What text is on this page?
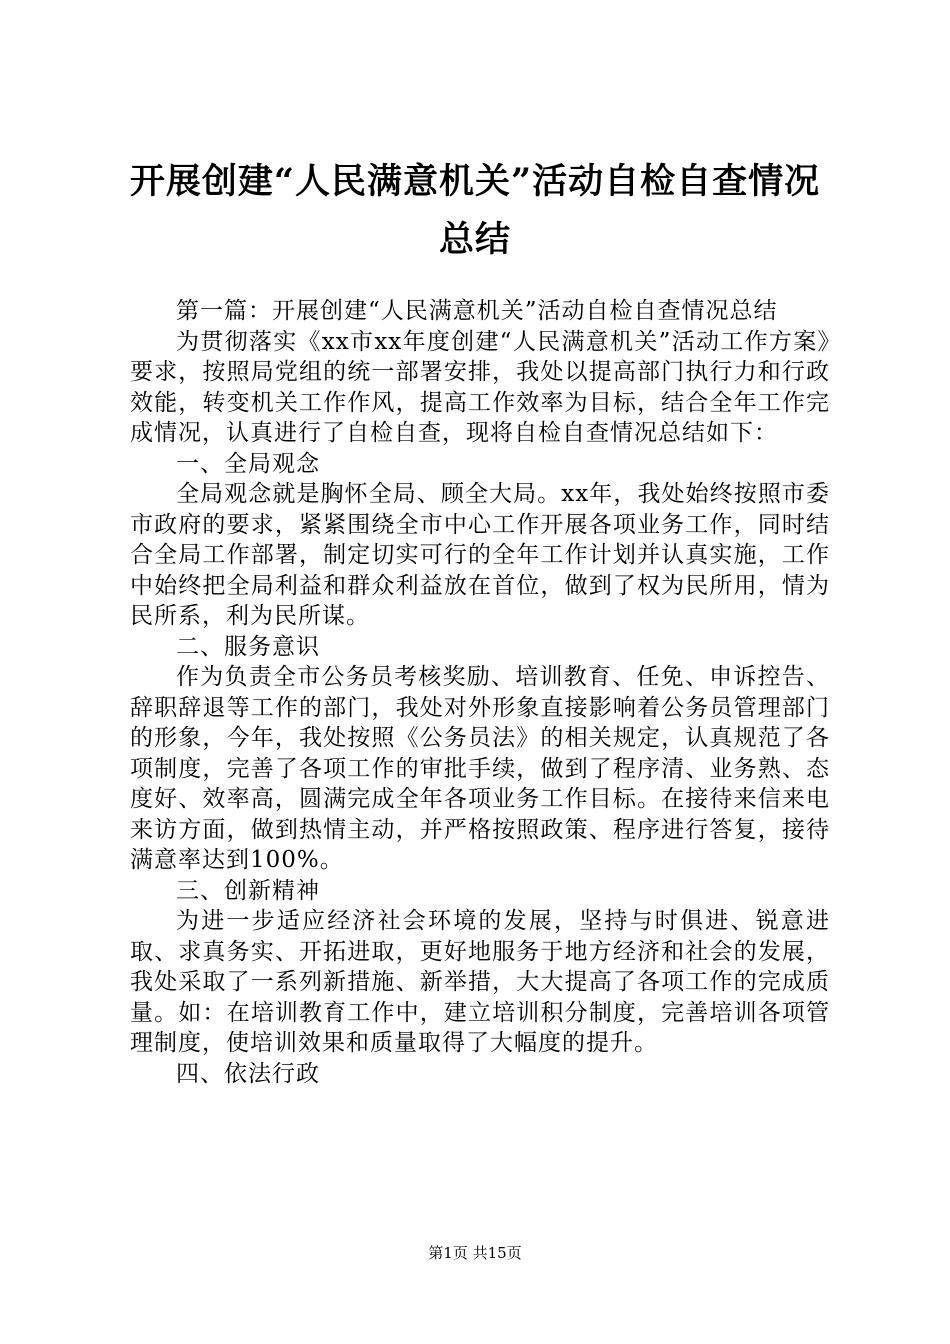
开展创建“人民满意机关”活动自检自查情况
总结

第一篇：开展创建“人民满意机关”活动自检自查情况总结

为贯彻落实《xx市xx年度创建“人民满意机关”活动工作方案》要求，按照局党组的统一部署安排，我处以提高部门执行力和行政效能，转变机关工作作风，提高工作效率为目标，结合全年工作完成情况，认真进行了自检自查，现将自检自查情况总结如下：

一、全局观念

全局观念就是胸怀全局、顾全大局。xx年，我处始终按照市委市政府的要求，紧紧围绕全市中心工作开展各项业务工作，同时结合全局工作部署，制定切实可行的全年工作计划并认真实施，工作中始终把全局利益和群众利益放在首位，做到了权为民所用，情为民所系，利为民所谋。

二、服务意识

作为负责全市公务员考核奖励、培训教育、任免、申诉控告、辞职辞退等工作的部门，我处对外形象直接影响着公务员管理部门的形象，今年，我处按照《公务员法》的相关规定，认真规范了各项制度，完善了各项工作的审批手续，做到了程序清、业务熟、态度好、效率高，圆满完成全年各项业务工作目标。在接待来信来电来访方面，做到热情主动，并严格按照政策、程序进行答复，接待满意率达到100%。

三、创新精神

为进一步适应经济社会环境的发展，坚持与时俱进、锐意进取、求真务实、开拓进取，更好地服务于地方经济和社会的发展，我处采取了一系列新措施、新举措，大大提高了各项工作的完成质量。如：在培训教育工作中，建立培训积分制度，完善培训各项管理制度，使培训效果和质量取得了大幅度的提升。

四、依法行政

第1页 共15页
